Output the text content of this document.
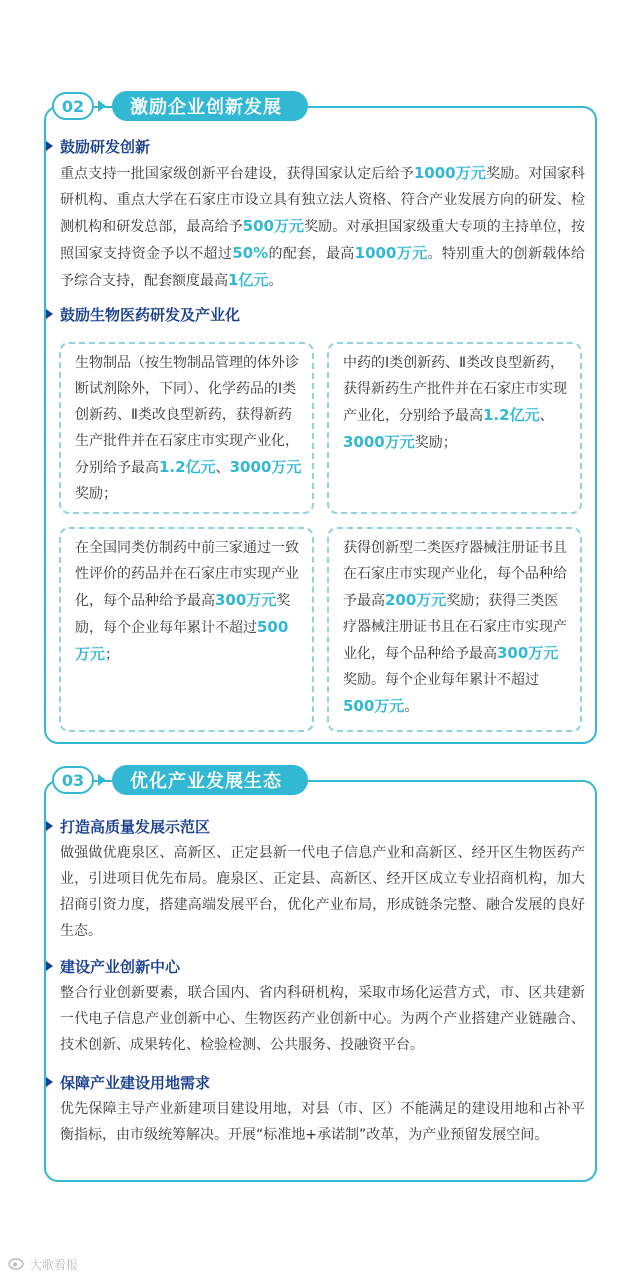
02	激励企业创新发展
鼓励研发创新
重点支持一批国家级创新平台建设，获得国家认定后给予1000万元奖励。对国家科研机构、重点大学在石家庄市设立具有独立法人资格、符合产业发展方向的研发、检测机构和研发总部，最高给予500万元奖励。对承担国家级重大专项的主持单位，按照国家支持资金予以不超过50%的配套，最高1000万元。特别重大的创新载体给予综合支持，配套额度最高1亿元。
鼓励生物医药研发及产业化
生物制品（按生物制品管理的体外诊断试剂除外，下同）、化学药品的Ⅰ类创新药、Ⅱ类改良型新药，获得新药生产批件并在石家庄市实现产业化，分别给予最高1.2亿元、3000万元奖励；
中药的Ⅰ类创新药、Ⅱ类改良型新药，获得新药生产批件并在石家庄市实现产业化，分别给予最高1.2亿元、3000万元奖励；
在全国同类仿制药中前三家通过一致性评价的药品并在石家庄市实现产业化，每个品种给予最高300万元奖励，每个企业每年累计不超过500万元；
获得创新型二类医疗器械注册证书且在石家庄市实现产业化，每个品种给予最高200万元奖励；获得三类医疗器械注册证书且在石家庄市实现产业化，每个品种给予最高300万元奖励。每个企业每年累计不超过500万元。
03	优化产业发展生态
打造高质量发展示范区
做强做优鹿泉区、高新区、正定县新一代电子信息产业和高新区、经开区生物医药产业，引进项目优先布局。鹿泉区、正定县、高新区、经开区成立专业招商机构，加大招商引资力度，搭建高端发展平台，优化产业布局，形成链条完整、融合发展的良好生态。
建设产业创新中心
整合行业创新要素，联合国内、省内科研机构，采取市场化运营方式，市、区共建新一代电子信息产业创新中心、生物医药产业创新中心。为两个产业搭建产业链融合、技术创新、成果转化、检验检测、公共服务、投融资平台。
保障产业建设用地需求
优先保障主导产业新建项目建设用地，对县（市、区）不能满足的建设用地和占补平衡指标，由市级统筹解决。开展“标准地+承诺制”改革，为产业预留发展空间。
大歌看报
